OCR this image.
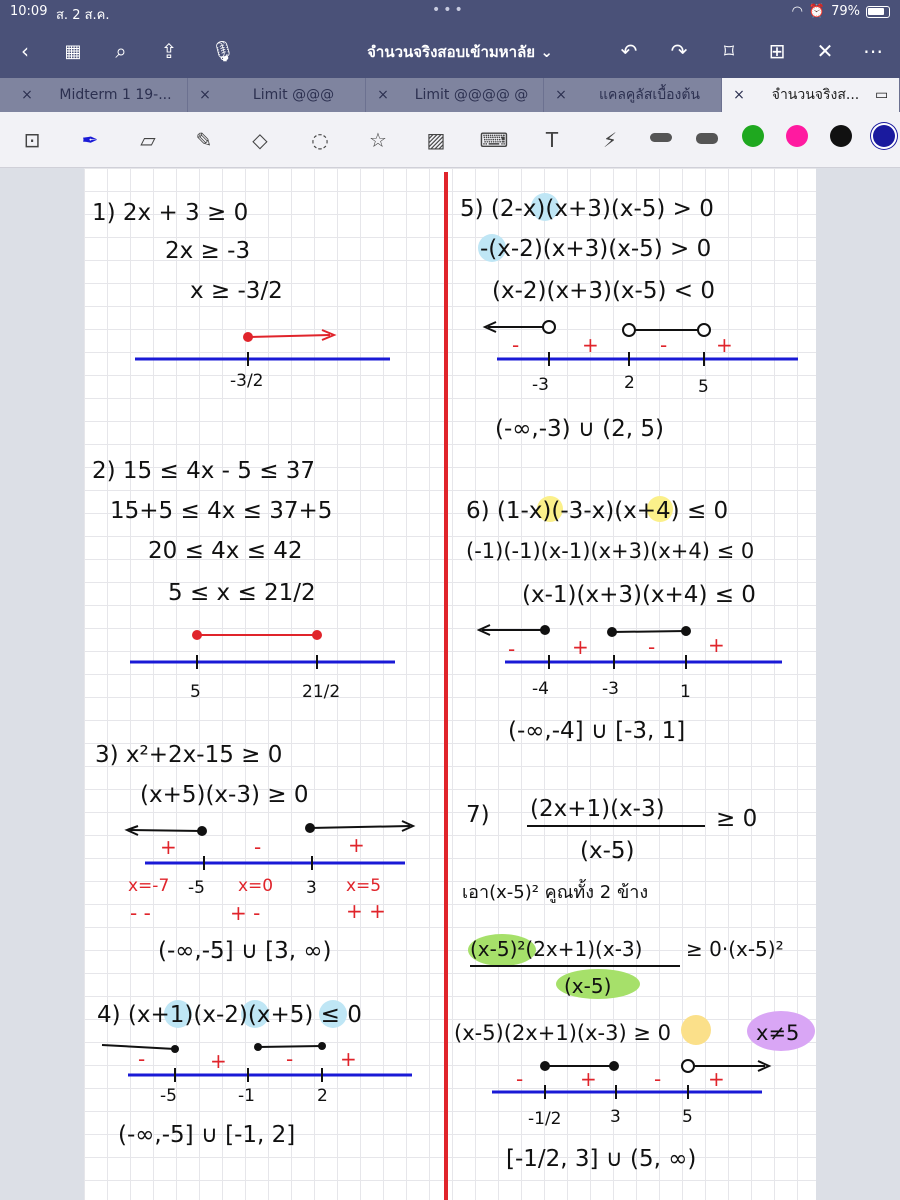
10:09 ส. 2 ส.ค.	•••	◠ ⏰ 79%
‹	▦	⌕	⇪	🎙	จำนวนจริงสอบเข้ามหาลัย ⌄	↶	↷	⌑	⊞	✕	⋯
×	Midterm 1 19-...	×	Limit @@@	×	Limit @@@@ @	×	แคลคูลัสเบื้องต้น	×	จำนวนจริงส...	▭
⊡	✒	▱	✎	◇	◌	☆	▨	⌨	T	⚡
1) 2x + 3 ≥ 0
2x ≥ -3
x ≥ -3/2
-3/2
2) 15 ≤ 4x - 5 ≤ 37
15+5 ≤ 4x ≤ 37+5
20 ≤ 4x ≤ 42
5 ≤ x ≤ 21/2
5	21/2
3) x²+2x-15 ≥ 0
(x+5)(x-3) ≥ 0
+	-	+
-5	3
x=-7	x=0	x=5
- -	+ -	+ +
(-∞,-5] ∪ [3, ∞)
4) (x+1)(x-2)(x+5) ≤ 0
-	+	- +
-5	-1	2
(-∞,-5] ∪ [-1, 2]
5) (2-x)(x+3)(x-5) > 0
-(x-2)(x+3)(x-5) > 0
(x-2)(x+3)(x-5) < 0
-	+	- +
-3	2	5
(-∞,-3) ∪ (2, 5)
6) (1-x)(-3-x)(x+4) ≤ 0
(-1)(-1)(x-1)(x+3)(x+4) ≤ 0
(x-1)(x+3)(x+4) ≤ 0
-	+	-	+
-4	-3	1
(-∞,-4] ∪ [-3, 1]
7) (2x+1)(x-3)
(x-5)
≥ 0
เอา(x-5)² คูณทั้ง 2 ข้าง
(x-5)²(2x+1)(x-3)
(x-5)
≥ 0·(x-5)²
(x-5)(2x+1)(x-3) ≥ 0	x≠5
-	+	- +
-1/2	3	5
[-1/2, 3] ∪ (5, ∞)
